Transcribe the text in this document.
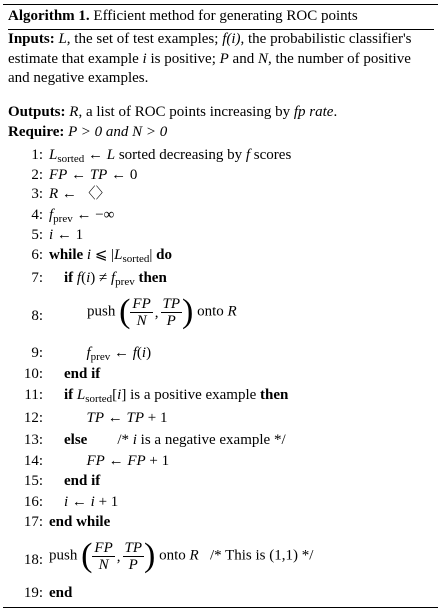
Algorithm 1. Efficient method for generating ROC points
Inputs: L, the set of test examples; f(i), the probabilistic classifier's estimate that example i is positive; P and N, the number of positive and negative examples.
Outputs: R, a list of ROC points increasing by fp rate.
Require: P > 0 and N > 0
1: $L_{sorted}$ ← L sorted decreasing by f scores
2: FP ← TP ← 0
3: R ← 〈〉
4: $f_{prev}$ ← −∞
5: i ← 1
6: while i ⩽ $|L_{sorted}|$ do
7:	if $f(i) \ne f_{prev}$ then
8:	push ( $\frac{FP}{N}$ , $\frac{TP}{P}$ ) onto R
9:	$f_{prev}$ ← f(i)
10:	end if
11:	if $L_{sorted}[i]$ is a positive example then
12:	TP ← TP + 1
13:	else        /* i is a negative example */
14:	FP ← FP + 1
15:	end if
16:	i ← i + 1
17: end while
18: push ( $\frac{FP}{N}$ , $\frac{TP}{P}$ ) onto R   /* This is (1,1) */
19: end
